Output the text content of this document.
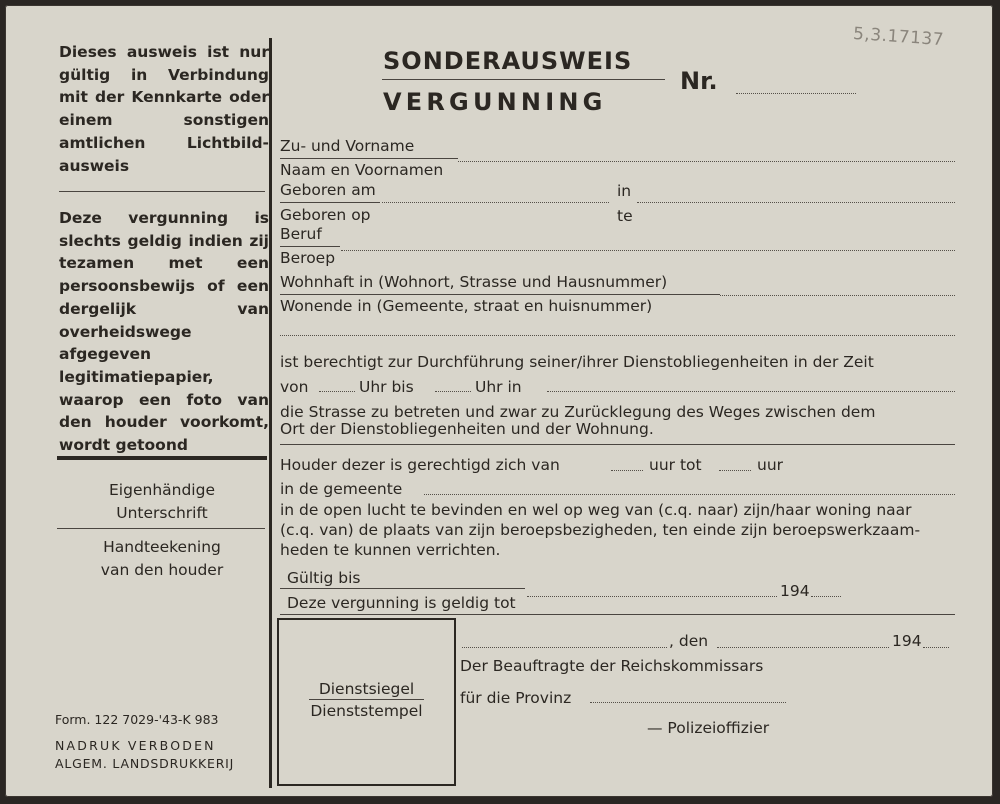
5,3.17137
Dieses ausweis ist nur gültig in Verbindung mit der Kennkarte oder einem sonstigen amtlichen Lichtbild-ausweis
Deze vergunning is slechts geldig indien zij tezamen met een persoonsbewijs of een dergelijk van overheidswege afgegeven legitimatiepapier, waarop een foto van den houder voorkomt, wordt getoond
Eigenhändige
Unterschrift
Handteekening
van den houder
Form. 122 7029-'43-K 983
NADRUK VERBODEN
ALGEM. LANDSDRUKKERIJ
SONDERAUSWEIS
VERGUNNING
Nr.
Zu- und Vorname
Naam en Voornamen
Geboren am	in
Geboren op	te
Beruf
Beroep
Wohnhaft in (Wohnort, Strasse und Hausnummer)
Wonende in (Gemeente, straat en huisnummer)
ist berechtigt zur Durchführung seiner/ihrer Dienstobliegenheiten in der Zeit
von	Uhr bis	Uhr in
die Strasse zu betreten und zwar zu Zurücklegung des Weges zwischen dem
Ort der Dienstobliegenheiten und der Wohnung.
Houder dezer is gerechtigd zich van	uur tot	uur
in de gemeente
in de open lucht te bevinden en wel op weg van (c.q. naar) zijn/haar woning naar
(c.q. van) de plaats van zijn beroepsbezigheden, ten einde zijn beroepswerkzaam-
heden te kunnen verrichten.
Gültig bis
194
Deze vergunning is geldig tot
Dienstsiegel
Dienststempel
, den	194
Der Beauftragte der Reichskommissars
für die Provinz
— Polizeioffizier
